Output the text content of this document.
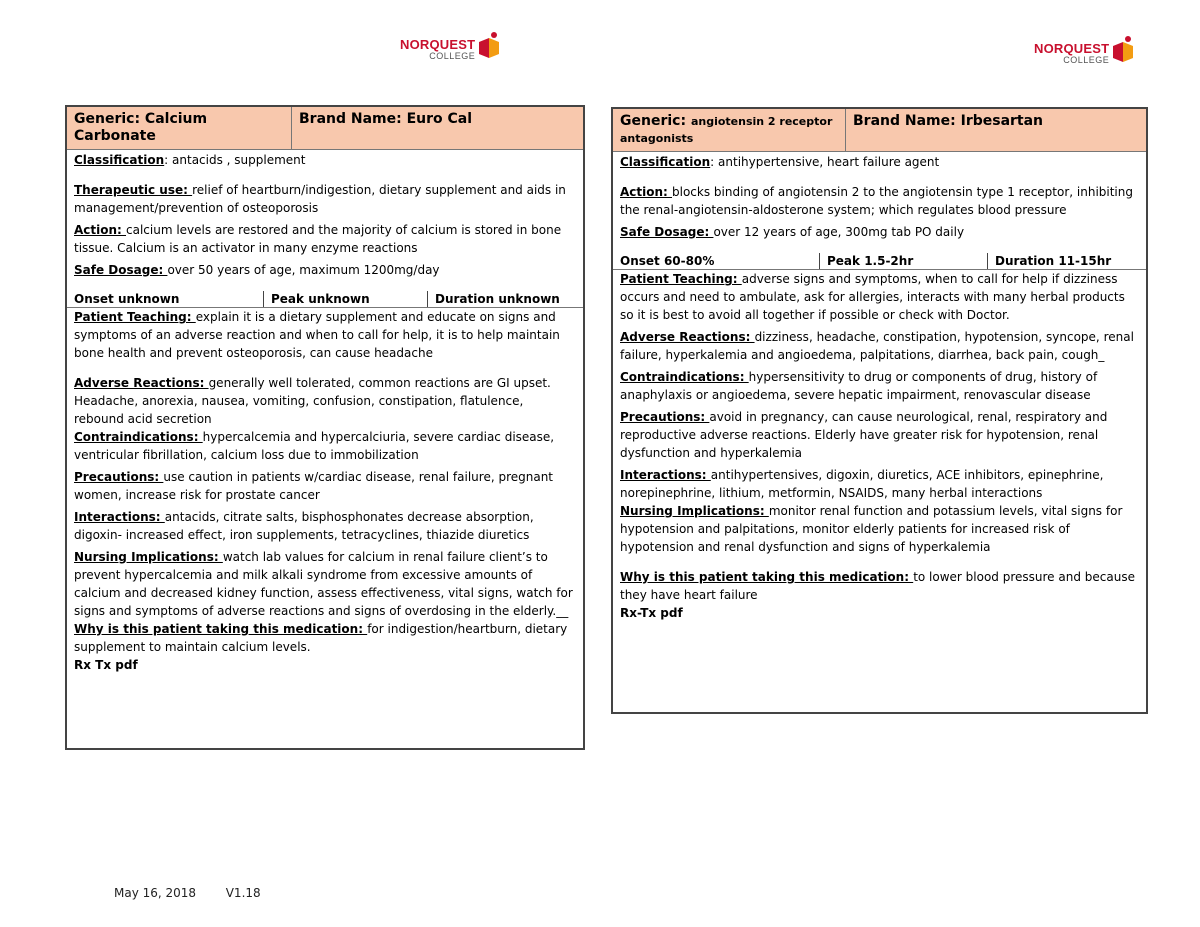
NORQUEST
COLLEGE	NORQUEST
COLLEGE
Generic: Calcium Carbonate
Brand Name: Euro Cal

Classification: antacids , supplement

Therapeutic use: relief of heartburn/indigestion, dietary supplement and aids in management/prevention of osteoporosis

Action: calcium levels are restored and the majority of calcium is stored in bone tissue. Calcium is an activator in many enzyme reactions

Safe Dosage: over 50 years of age, maximum 1200mg/day

Onset unknown	Peak unknown	Duration unknown

Patient Teaching: explain it is a dietary supplement and educate on signs and symptoms of an adverse reaction and when to call for help, it is to help maintain bone health and prevent osteoporosis, can cause headache

Adverse Reactions: generally well tolerated, common reactions are GI upset. Headache, anorexia, nausea, vomiting, confusion, constipation, flatulence, rebound acid secretion

Contraindications: hypercalcemia and hypercalciuria, severe cardiac disease, ventricular fibrillation, calcium loss due to immobilization

Precautions: use caution in patients w/cardiac disease, renal failure, pregnant women, increase risk for prostate cancer

Interactions: antacids, citrate salts, bisphosphonates decrease absorption, digoxin- increased effect, iron supplements, tetracyclines, thiazide diuretics

Nursing Implications: watch lab values for calcium in renal failure client’s to prevent hypercalcemia and milk alkali syndrome from excessive amounts of calcium and decreased kidney function, assess effectiveness, vital signs, watch for signs and symptoms of adverse reactions and signs of overdosing in the elderly.__

Why is this patient taking this medication: for indigestion/heartburn, dietary supplement to maintain calcium levels.

Rx Tx pdf

Generic: angiotensin 2 receptor antagonists
Brand Name: Irbesartan

Classification: antihypertensive, heart failure agent

Action: blocks binding of angiotensin 2 to the angiotensin type 1 receptor, inhibiting the renal-angiotensin-aldosterone system; which regulates blood pressure

Safe Dosage: over 12 years of age, 300mg tab PO daily

Onset 60-80%	Peak 1.5-2hr	Duration 11-15hr

Patient Teaching: adverse signs and symptoms, when to call for help if dizziness occurs and need to ambulate, ask for allergies, interacts with many herbal products so it is best to avoid all together if possible or check with Doctor.

Adverse Reactions: dizziness, headache, constipation, hypotension, syncope, renal failure, hyperkalemia and angioedema, palpitations, diarrhea, back pain, cough_

Contraindications: hypersensitivity to drug or components of drug, history of anaphylaxis or angioedema, severe hepatic impairment, renovascular disease

Precautions: avoid in pregnancy, can cause neurological, renal, respiratory and reproductive adverse reactions. Elderly have greater risk for hypotension, renal dysfunction and hyperkalemia

Interactions: antihypertensives, digoxin, diuretics, ACE inhibitors, epinephrine, norepinephrine, lithium, metformin, NSAIDS, many herbal interactions

Nursing Implications: monitor renal function and potassium levels, vital signs for hypotension and palpitations, monitor elderly patients for increased risk of hypotension and renal dysfunction and signs of hyperkalemia

Why is this patient taking this medication: to lower blood pressure and because they have heart failure

Rx-Tx pdf

May 16, 2018 V1.18
